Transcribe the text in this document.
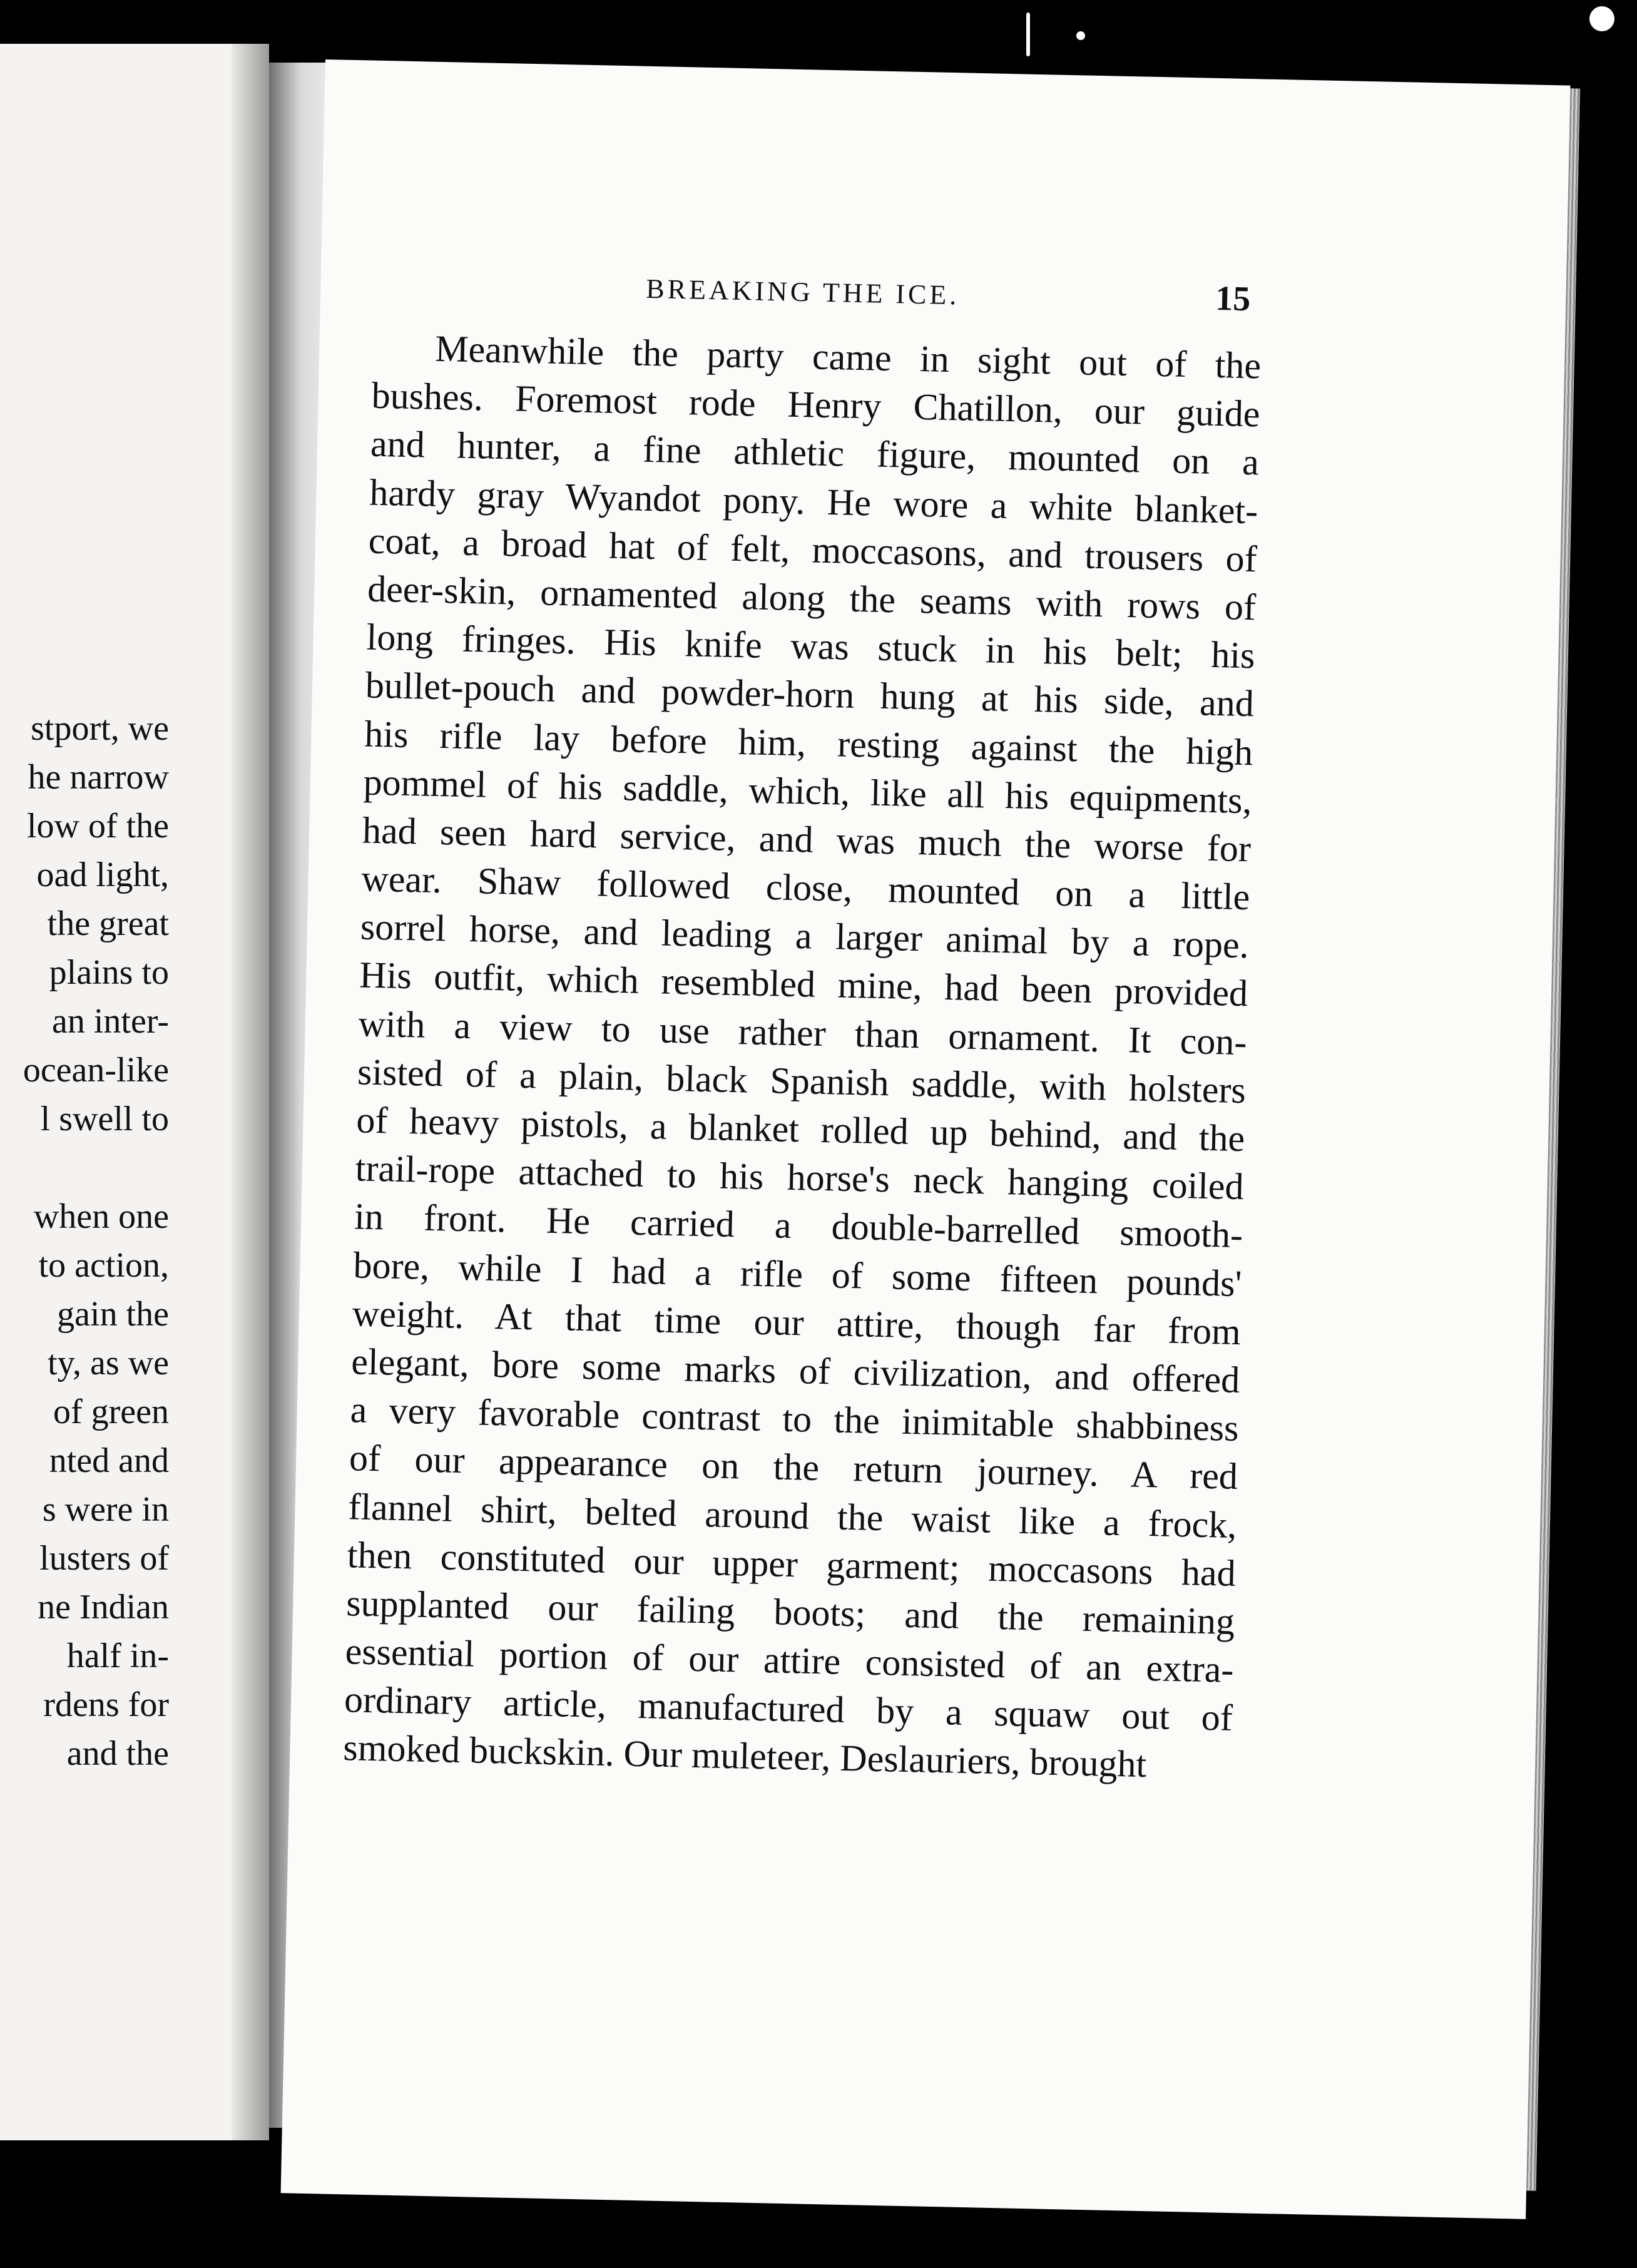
stport, we
he narrow
low of the
oad light,
the great
plains to
an inter-
ocean-like
l swell to
when one
to action,
gain the
ty, as we
of green
nted and
s were in
lusters of
ne Indian
half in-
rdens for
and the
BREAKING THE ICE.	15
Meanwhile the party came in sight out of the
bushes. Foremost rode Henry Chatillon, our guide
and hunter, a fine athletic figure, mounted on a
hardy gray Wyandot pony. He wore a white blanket-
coat, a broad hat of felt, moccasons, and trousers of
deer-skin, ornamented along the seams with rows of
long fringes. His knife was stuck in his belt; his
bullet-pouch and powder-horn hung at his side, and
his rifle lay before him, resting against the high
pommel of his saddle, which, like all his equipments,
had seen hard service, and was much the worse for
wear. Shaw followed close, mounted on a little
sorrel horse, and leading a larger animal by a rope.
His outfit, which resembled mine, had been provided
with a view to use rather than ornament. It con-
sisted of a plain, black Spanish saddle, with holsters
of heavy pistols, a blanket rolled up behind, and the
trail-rope attached to his horse's neck hanging coiled
in front. He carried a double-barrelled smooth-
bore, while I had a rifle of some fifteen pounds'
weight. At that time our attire, though far from
elegant, bore some marks of civilization, and offered
a very favorable contrast to the inimitable shabbiness
of our appearance on the return journey. A red
flannel shirt, belted around the waist like a frock,
then constituted our upper garment; moccasons had
supplanted our failing boots; and the remaining
essential portion of our attire consisted of an extra-
ordinary article, manufactured by a squaw out of
smoked buckskin. Our muleteer, Deslauriers, brought
